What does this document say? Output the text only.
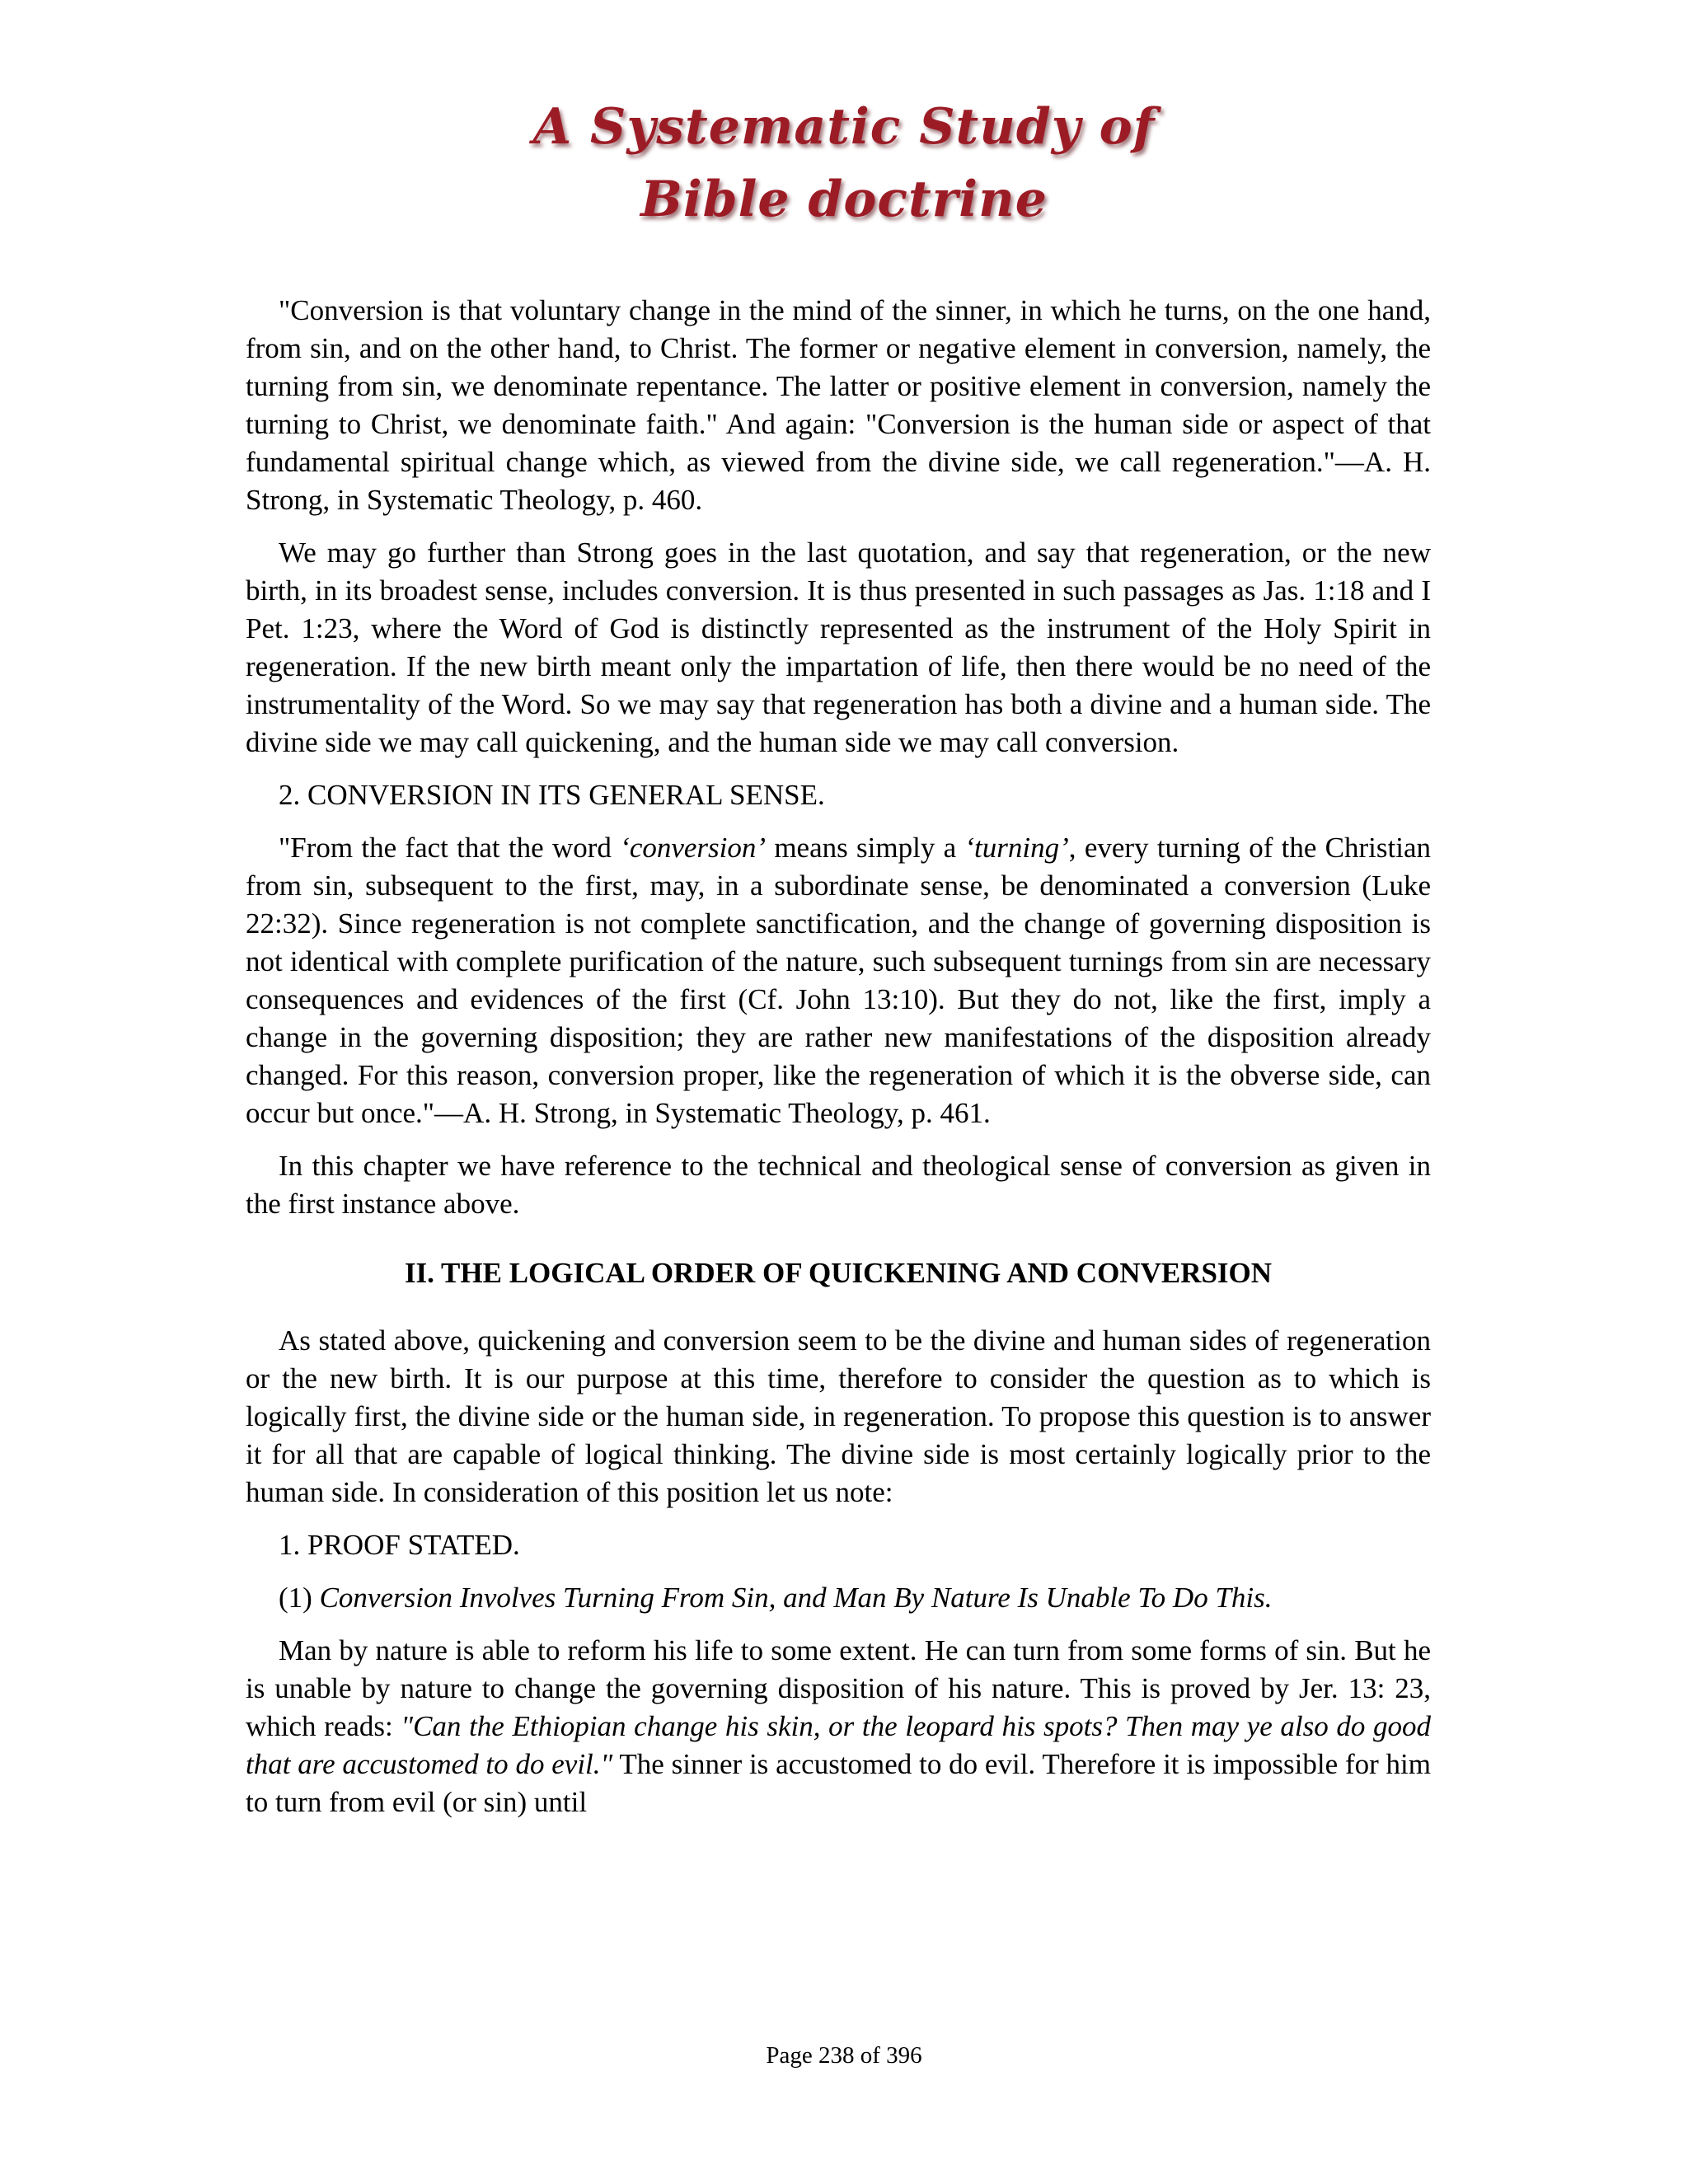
A Systematic Study of
Bible doctrine

"Conversion is that voluntary change in the mind of the sinner, in which he turns, on the one hand, from sin, and on the other hand, to Christ. The former or negative element in conversion, namely, the turning from sin, we denominate repentance. The latter or positive element in conversion, namely the turning to Christ, we denominate faith." And again: "Conversion is the human side or aspect of that fundamental spiritual change which, as viewed from the divine side, we call regeneration."—A. H. Strong, in Systematic Theology, p. 460.

We may go further than Strong goes in the last quotation, and say that regeneration, or the new birth, in its broadest sense, includes conversion. It is thus presented in such passages as Jas. 1:18 and I Pet. 1:23, where the Word of God is distinctly represented as the instrument of the Holy Spirit in regeneration. If the new birth meant only the impartation of life, then there would be no need of the instrumentality of the Word. So we may say that regeneration has both a divine and a human side. The divine side we may call quickening, and the human side we may call conversion.

2. CONVERSION IN ITS GENERAL SENSE.

"From the fact that the word ‘conversion’ means simply a ‘turning’, every turning of the Christian from sin, subsequent to the first, may, in a subordinate sense, be denominated a conversion (Luke 22:32). Since regeneration is not complete sanctification, and the change of governing disposition is not identical with complete purification of the nature, such subsequent turnings from sin are necessary consequences and evidences of the first (Cf. John 13:10). But they do not, like the first, imply a change in the governing disposition; they are rather new manifestations of the disposition already changed. For this reason, conversion proper, like the regeneration of which it is the obverse side, can occur but once."—A. H. Strong, in Systematic Theology, p. 461.

In this chapter we have reference to the technical and theological sense of conversion as given in the first instance above.

II. THE LOGICAL ORDER OF QUICKENING AND CONVERSION

As stated above, quickening and conversion seem to be the divine and human sides of regeneration or the new birth. It is our purpose at this time, therefore to consider the question as to which is logically first, the divine side or the human side, in regeneration. To propose this question is to answer it for all that are capable of logical thinking. The divine side is most certainly logically prior to the human side. In consideration of this position let us note:

1. PROOF STATED.

(1) Conversion Involves Turning From Sin, and Man By Nature Is Unable To Do This.

Man by nature is able to reform his life to some extent. He can turn from some forms of sin. But he is unable by nature to change the governing disposition of his nature. This is proved by Jer. 13: 23, which reads: "Can the Ethiopian change his skin, or the leopard his spots? Then may ye also do good that are accustomed to do evil." The sinner is accustomed to do evil. Therefore it is impossible for him to turn from evil (or sin) until

Page 238 of 396
